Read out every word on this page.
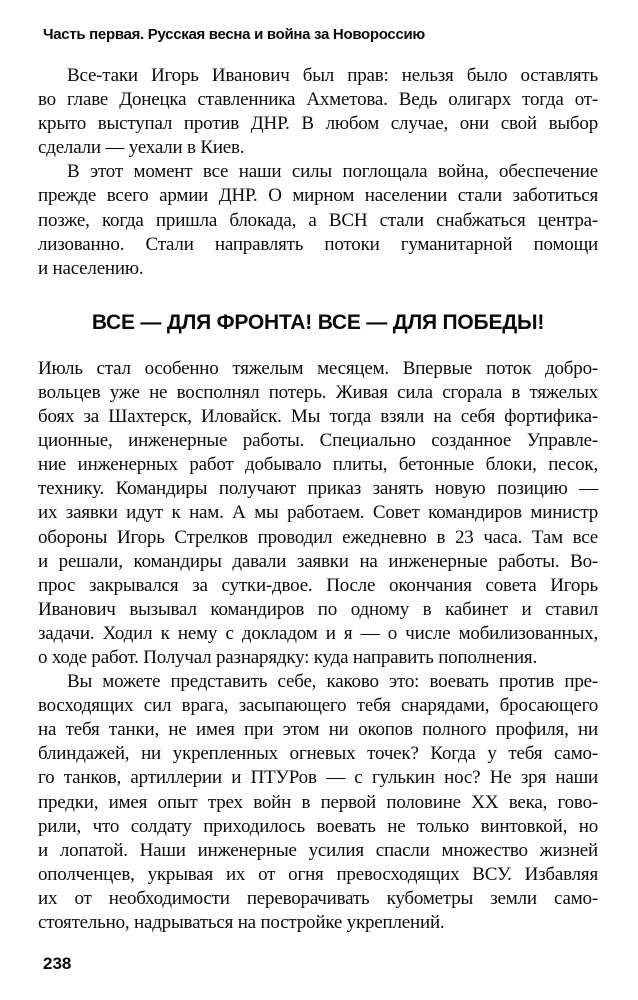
Часть первая. Русская весна и война за Новороссию
Все-таки Игорь Иванович был прав: нельзя было оставлять
во главе Донецка ставленника Ахметова. Ведь олигарх тогда от-
крыто выступал против ДНР. В любом случае, они свой выбор
сделали — уехали в Киев.
В этот момент все наши силы поглощала война, обеспечение
прежде всего армии ДНР. О мирном населении стали заботиться
позже, когда пришла блокада, а ВСН стали снабжаться центра-
лизованно. Стали направлять потоки гуманитарной помощи
и населению.
ВСЕ — ДЛЯ ФРОНТА! ВСЕ — ДЛЯ ПОБЕДЫ!
Июль стал особенно тяжелым месяцем. Впервые поток добро-
вольцев уже не восполнял потерь. Живая сила сгорала в тяжелых
боях за Шахтерск, Иловайск. Мы тогда взяли на себя фортифика-
ционные, инженерные работы. Специально созданное Управле-
ние инженерных работ добывало плиты, бетонные блоки, песок,
технику. Командиры получают приказ занять новую позицию —
их заявки идут к нам. А мы работаем. Совет командиров министр
обороны Игорь Стрелков проводил ежедневно в 23 часа. Там все
и решали, командиры давали заявки на инженерные работы. Во-
прос закрывался за сутки-двое. После окончания совета Игорь
Иванович вызывал командиров по одному в кабинет и ставил
задачи. Ходил к нему с докладом и я — о числе мобилизованных,
о ходе работ. Получал разнарядку: куда направить пополнения.
Вы можете представить себе, каково это: воевать против пре-
восходящих сил врага, засыпающего тебя снарядами, бросающего
на тебя танки, не имея при этом ни окопов полного профиля, ни
блиндажей, ни укрепленных огневых точек? Когда у тебя само-
го танков, артиллерии и ПТУРов — с гулькин нос? Не зря наши
предки, имея опыт трех войн в первой половине XX века, гово-
рили, что солдату приходилось воевать не только винтовкой, но
и лопатой. Наши инженерные усилия спасли множество жизней
ополченцев, укрывая их от огня превосходящих ВСУ. Избавляя
их от необходимости переворачивать кубометры земли само-
стоятельно, надрываться на постройке укреплений.
238
